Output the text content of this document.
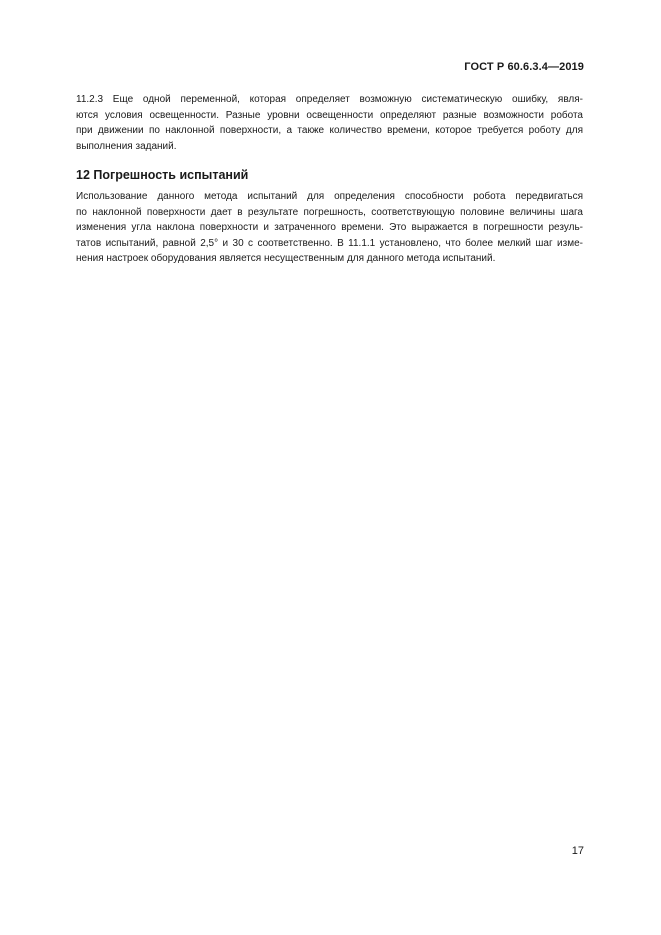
ГОСТ Р 60.6.3.4—2019
11.2.3 Еще одной переменной, которая определяет возможную систематическую ошибку, явля-
ются условия освещенности. Разные уровни освещенности определяют разные возможности робота
при движении по наклонной поверхности, а также количество времени, которое требуется роботу для
выполнения заданий.
12 Погрешность испытаний
Использование данного метода испытаний для определения способности робота передвигаться
по наклонной поверхности дает в результате погрешность, соответствующую половине величины шага
изменения угла наклона поверхности и затраченного времени. Это выражается в погрешности резуль-
татов испытаний, равной 2,5° и 30 с соответственно. В 11.1.1 установлено, что более мелкий шаг изме-
нения настроек оборудования является несущественным для данного метода испытаний.
17
